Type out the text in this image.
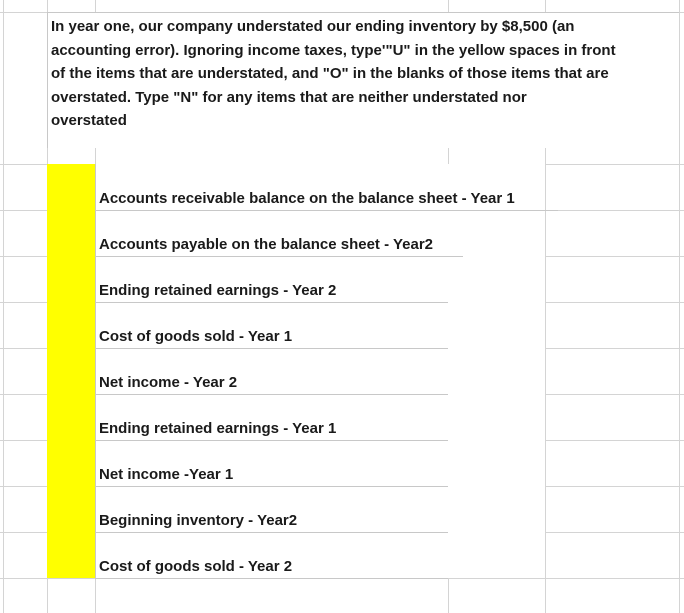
In year one, our company understated our ending inventory by $8,500 (an
accounting error). Ignoring income taxes, type'"U" in the yellow spaces in front
of the items that are understated, and "O" in the blanks of those items that are
overstated. Type "N" for any items that are neither understated nor
overstated
Accounts receivable balance on the balance sheet - Year 1
Accounts payable on the balance sheet - Year2
Ending retained earnings - Year 2
Cost of goods sold - Year 1
Net income - Year 2
Ending retained earnings - Year 1
Net income -Year 1
Beginning inventory - Year2
Cost of goods sold - Year 2
